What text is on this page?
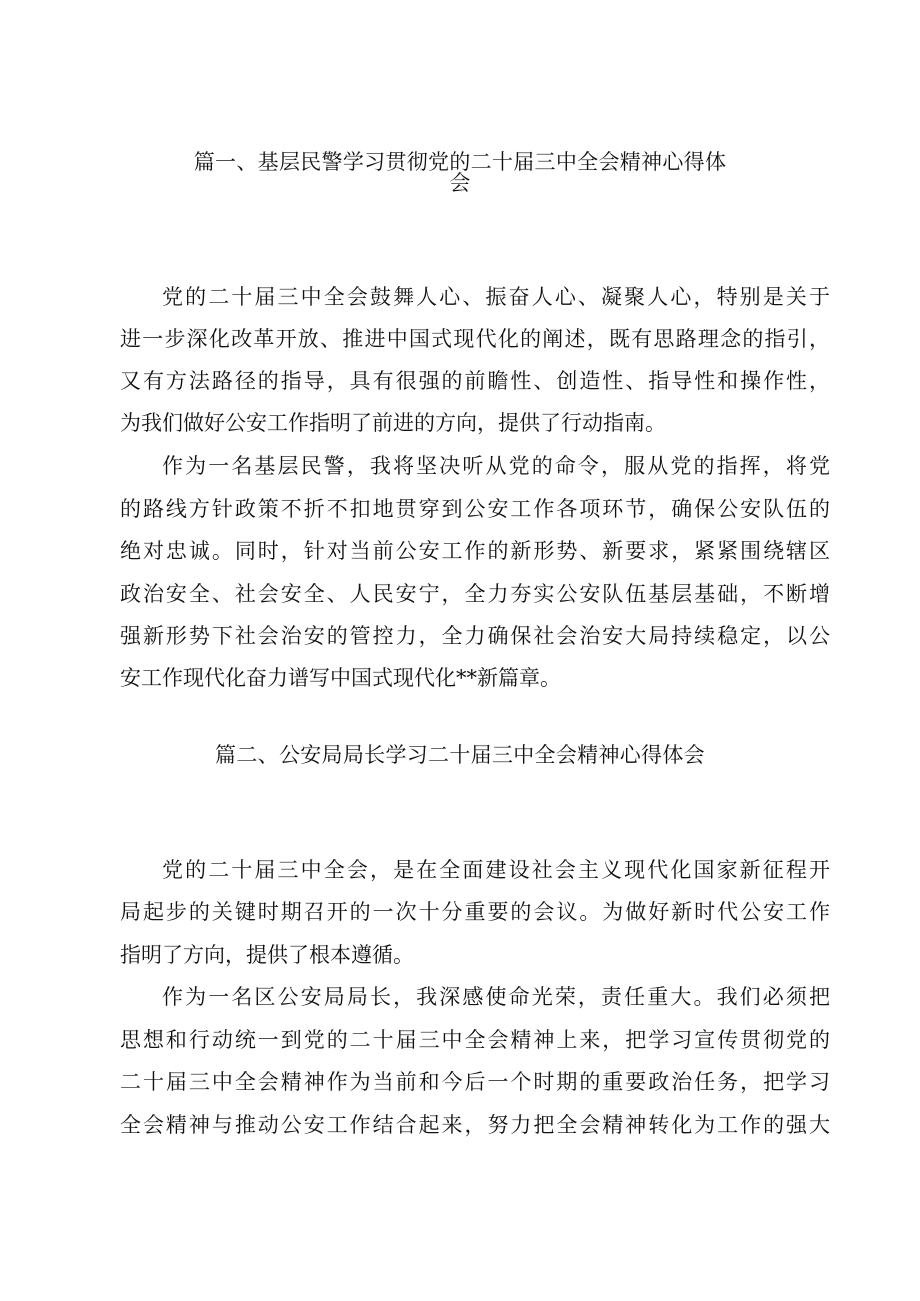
篇一、基层民警学习贯彻党的二十届三中全会精神心得体
会

党的二十届三中全会鼓舞人心、振奋人心、凝聚人心，特别是关于

进一步深化改革开放、推进中国式现代化的阐述，既有思路理念的指引，

又有方法路径的指导，具有很强的前瞻性、创造性、指导性和操作性，

为我们做好公安工作指明了前进的方向，提供了行动指南。

作为一名基层民警，我将坚决听从党的命令，服从党的指挥，将党

的路线方针政策不折不扣地贯穿到公安工作各项环节，确保公安队伍的

绝对忠诚。同时，针对当前公安工作的新形势、新要求，紧紧围绕辖区

政治安全、社会安全、人民安宁，全力夯实公安队伍基层基础，不断增

强新形势下社会治安的管控力，全力确保社会治安大局持续稳定，以公

安工作现代化奋力谱写中国式现代化**新篇章。

篇二、公安局局长学习二十届三中全会精神心得体会

党的二十届三中全会，是在全面建设社会主义现代化国家新征程开

局起步的关键时期召开的一次十分重要的会议。为做好新时代公安工作

指明了方向，提供了根本遵循。

作为一名区公安局局长，我深感使命光荣，责任重大。我们必须把

思想和行动统一到党的二十届三中全会精神上来，把学习宣传贯彻党的

二十届三中全会精神作为当前和今后一个时期的重要政治任务，把学习

全会精神与推动公安工作结合起来，努力把全会精神转化为工作的强大
